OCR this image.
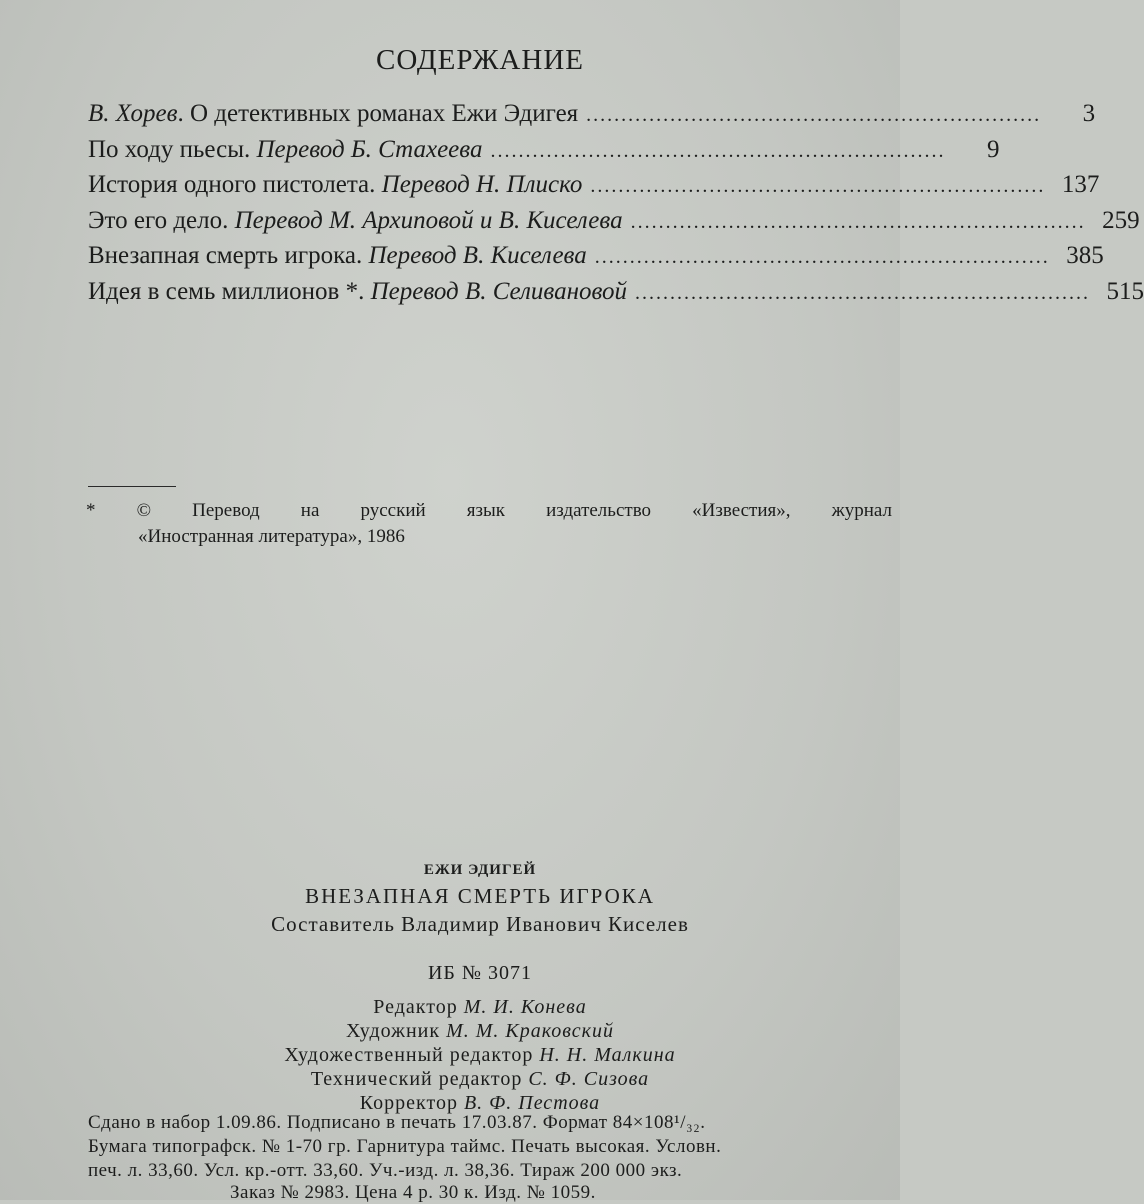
СОДЕРЖАНИЕ
В. Хорев. О детективных романах Ежи Эдигея .................................................................	3
По ходу пьесы. Перевод Б. Стахеева .................................................................	9
История одного пистолета. Перевод Н. Плиско ................................................................. 137
Это его дело. Перевод М. Архиповой и В. Киселева ................................................................. 259
Внезапная смерть игрока. Перевод В. Киселева ................................................................. 385
Идея в семь миллионов *. Перевод В. Селивановой ................................................................. 515
* © Перевод на русский язык издательство «Известия», журнал
«Иностранная литература», 1986
ЕЖИ ЭДИГЕЙ
ВНЕЗАПНАЯ СМЕРТЬ ИГРОКА
Составитель Владимир Иванович Киселев
ИБ № 3071
Редактор М. И. Конева
Художник М. М. Краковский
Художественный редактор Н. Н. Малкина
Технический редактор С. Ф. Сизова
Корректор В. Ф. Пестова
Сдано в набор 1.09.86. Подписано в печать 17.03.87. Формат 84×108¹/₃₂.
Бумага типографск. № 1-70 гр. Гарнитура таймс. Печать высокая. Условн.
печ. л. 33,60. Усл. кр.-отт. 33,60. Уч.-изд. л. 38,36. Тираж 200 000 экз.
Заказ № 2983. Цена 4 р. 30 к. Изд. № 1059.
